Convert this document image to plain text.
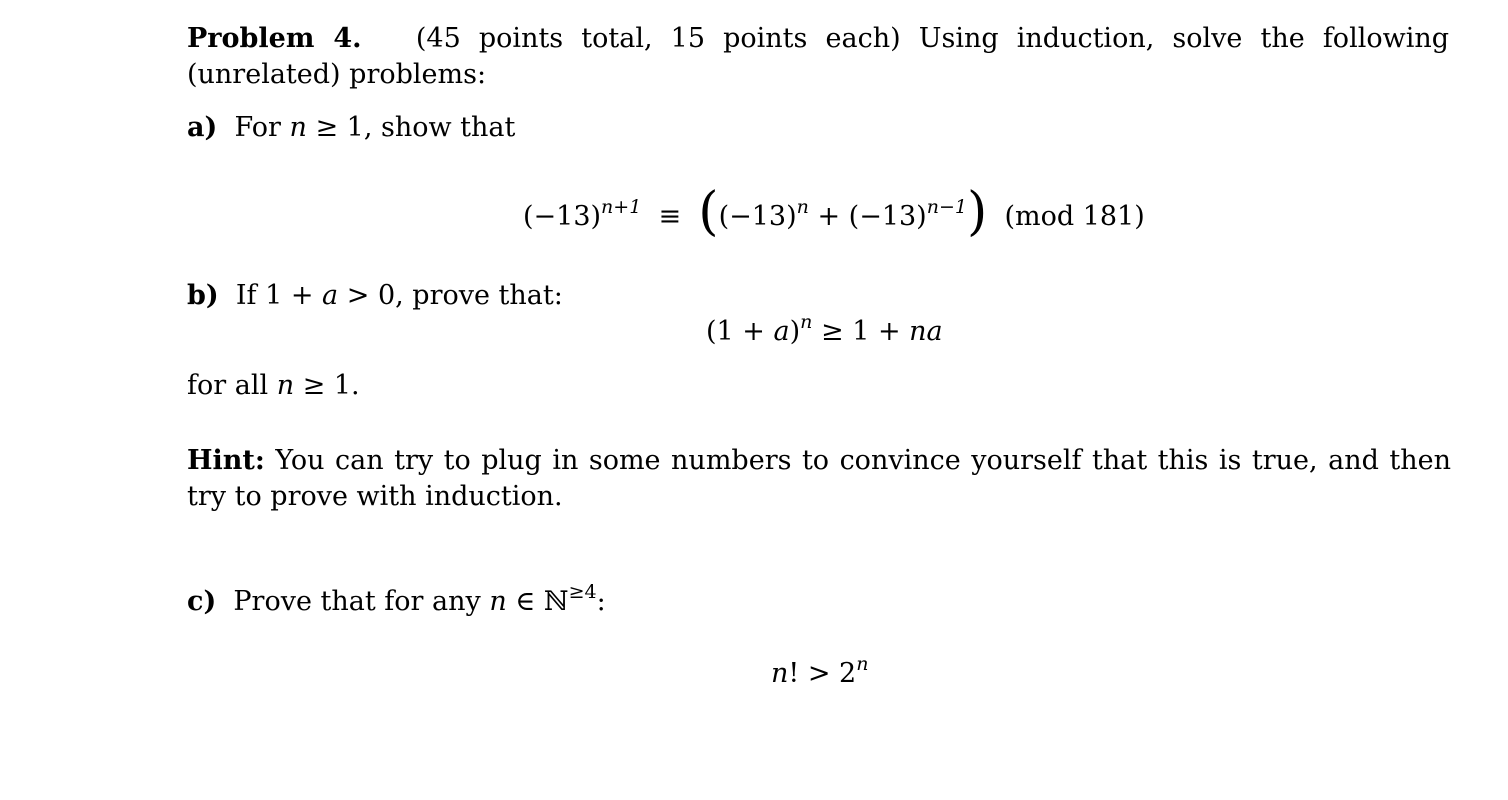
Problem 4. (45 points total, 15 points each) Using induction, solve the following (unrelated) problems:
a) For n ≥ 1, show that
$(-13)^{n+1} \equiv ((-13)^n + (-13)^{n-1})$ (mod 181)
b) If 1 + a > 0, prove that:
$(1 + a)^n \ge 1$ + na
for all n ≥ 1.
Hint: You can try to plug in some numbers to convince yourself that this is true, and then try to prove with induction.
c) Prove that for any n ∈ ℕ$^{\ge 4}$:
n! > $2^n$
